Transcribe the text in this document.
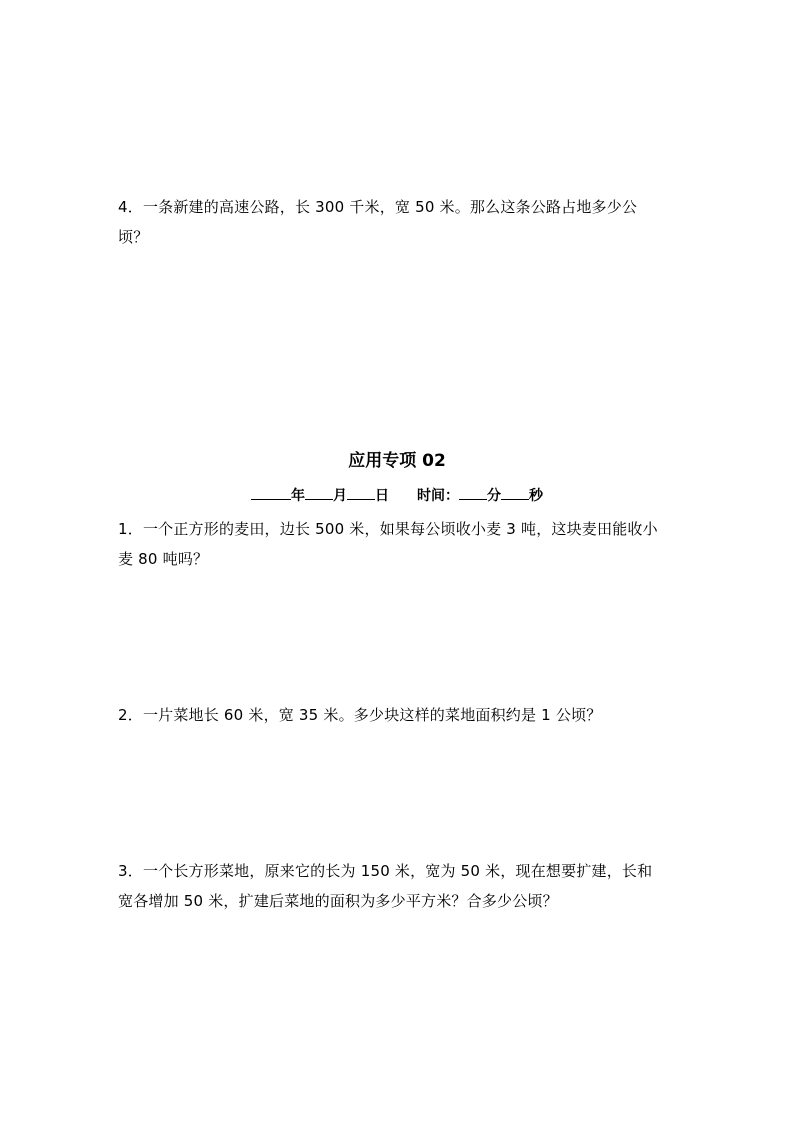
4．一条新建的高速公路，长 300 千米，宽 50 米。那么这条公路占地多少公

顷？

应用专项 02
年 月 日 时间： 分 秒

1．一个正方形的麦田，边长 500 米，如果每公顷收小麦 3 吨，这块麦田能收小

麦 80 吨吗？

2．一片菜地长 60 米，宽 35 米。多少块这样的菜地面积约是 1 公顷？

3．一个长方形菜地，原来它的长为 150 米，宽为 50 米，现在想要扩建，长和

宽各增加 50 米，扩建后菜地的面积为多少平方米？合多少公顷？
